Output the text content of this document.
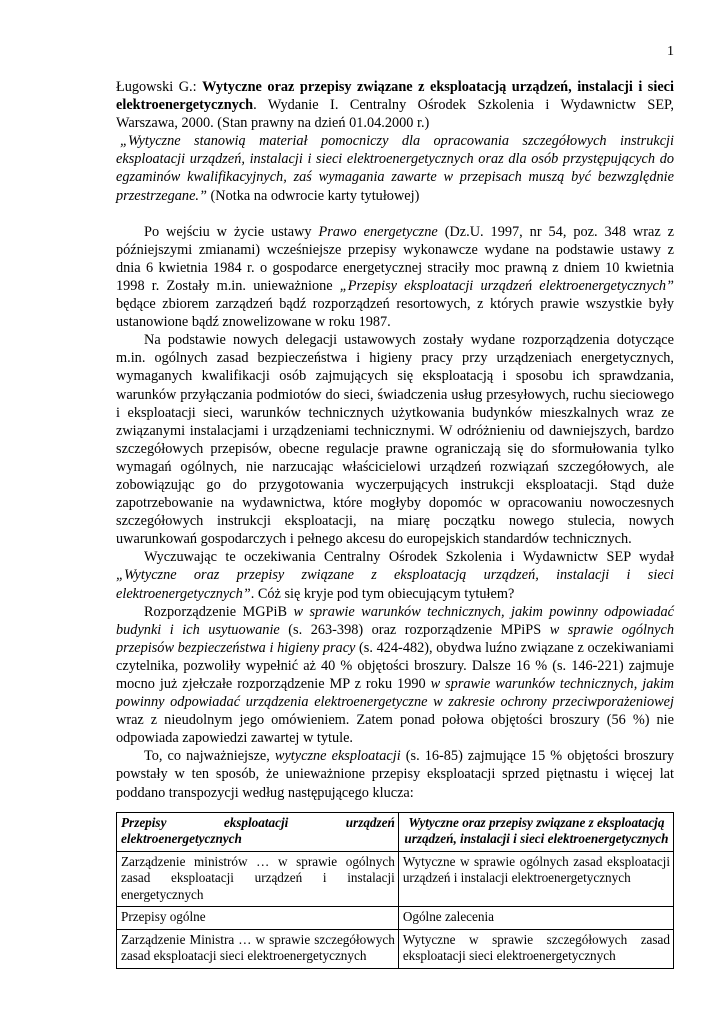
1

Ługowski G.: Wytyczne oraz przepisy związane z eksploatacją urządzeń, instalacji i sieci elektroenergetycznych. Wydanie I. Centralny Ośrodek Szkolenia i Wydawnictw SEP, Warszawa, 2000. (Stan prawny na dzień 01.04.2000 r.)

„Wytyczne stanowią materiał pomocniczy dla opracowania szczegółowych instrukcji eksploatacji urządzeń, instalacji i sieci elektroenergetycznych oraz dla osób przystępujących do egzaminów kwalifikacyjnych, zaś wymagania zawarte w przepisach muszą być bezwzględnie przestrzegane.” (Notka na odwrocie karty tytułowej)

Po wejściu w życie ustawy Prawo energetyczne (Dz.U. 1997, nr 54, poz. 348 wraz z późniejszymi zmianami) wcześniejsze przepisy wykonawcze wydane na podstawie ustawy z dnia 6 kwietnia 1984 r. o gospodarce energetycznej straciły moc prawną z dniem 10 kwietnia 1998 r. Zostały m.in. unieważnione „Przepisy eksploatacji urządzeń elektroenergetycznych” będące zbiorem zarządzeń bądź rozporządzeń resortowych, z których prawie wszystkie były ustanowione bądź znowelizowane w roku 1987.

Na podstawie nowych delegacji ustawowych zostały wydane rozporządzenia dotyczące m.in. ogólnych zasad bezpieczeństwa i higieny pracy przy urządzeniach energetycznych, wymaganych kwalifikacji osób zajmujących się eksploatacją i sposobu ich sprawdzania, warunków przyłączania podmiotów do sieci, świadczenia usług przesyłowych, ruchu sieciowego i eksploatacji sieci, warunków technicznych użytkowania budynków mieszkalnych wraz ze związanymi instalacjami i urządzeniami technicznymi. W odróżnieniu od dawniejszych, bardzo szczegółowych przepisów, obecne regulacje prawne ograniczają się do sformułowania tylko wymagań ogólnych, nie narzucając właścicielowi urządzeń rozwiązań szczegółowych, ale zobowiązując go do przygotowania wyczerpujących instrukcji eksploatacji. Stąd duże zapotrzebowanie na wydawnictwa, które mogłyby dopomóc w opracowaniu nowoczesnych szczegółowych instrukcji eksploatacji, na miarę początku nowego stulecia, nowych uwarunkowań gospodarczych i pełnego akcesu do europejskich standardów technicznych.

Wyczuwając te oczekiwania Centralny Ośrodek Szkolenia i Wydawnictw SEP wydał „Wytyczne oraz przepisy związane z eksploatacją urządzeń, instalacji i sieci elektroenergetycznych”. Cóż się kryje pod tym obiecującym tytułem?

Rozporządzenie MGPiB w sprawie warunków technicznych, jakim powinny odpowiadać budynki i ich usytuowanie (s. 263-398) oraz rozporządzenie MPiPS w sprawie ogólnych przepisów bezpieczeństwa i higieny pracy (s. 424-482), obydwa luźno związane z oczekiwaniami czytelnika, pozwoliły wypełnić aż 40 % objętości broszury. Dalsze 16 % (s. 146-221) zajmuje mocno już zjełczałe rozporządzenie MP z roku 1990 w sprawie warunków technicznych, jakim powinny odpowiadać urządzenia elektroenergetyczne w zakresie ochrony przeciwporażeniowej wraz z nieudolnym jego omówieniem. Zatem ponad połowa objętości broszury (56 %) nie odpowiada zapowiedzi zawartej w tytule.

To, co najważniejsze, wytyczne eksploatacji (s. 16-85) zajmujące 15 % objętości broszury powstały w ten sposób, że unieważnione przepisy eksploatacji sprzed piętnastu i więcej lat poddano transpozycji według następującego klucza:

Przepisy eksploatacji urządzeń elektroenergetycznych	Wytyczne oraz przepisy związane z eksploatacją urządzeń, instalacji i sieci elektroenergetycznych
Zarządzenie ministrów … w sprawie ogólnych zasad eksploatacji urządzeń i instalacji energetycznych	Wytyczne w sprawie ogólnych zasad eksploatacji urządzeń i instalacji elektroenergetycznych
Przepisy ogólne	Ogólne zalecenia
Zarządzenie Ministra … w sprawie szczegółowych zasad eksploatacji sieci elektroenergetycznych	Wytyczne w sprawie szczegółowych zasad eksploatacji sieci elektroenergetycznych
